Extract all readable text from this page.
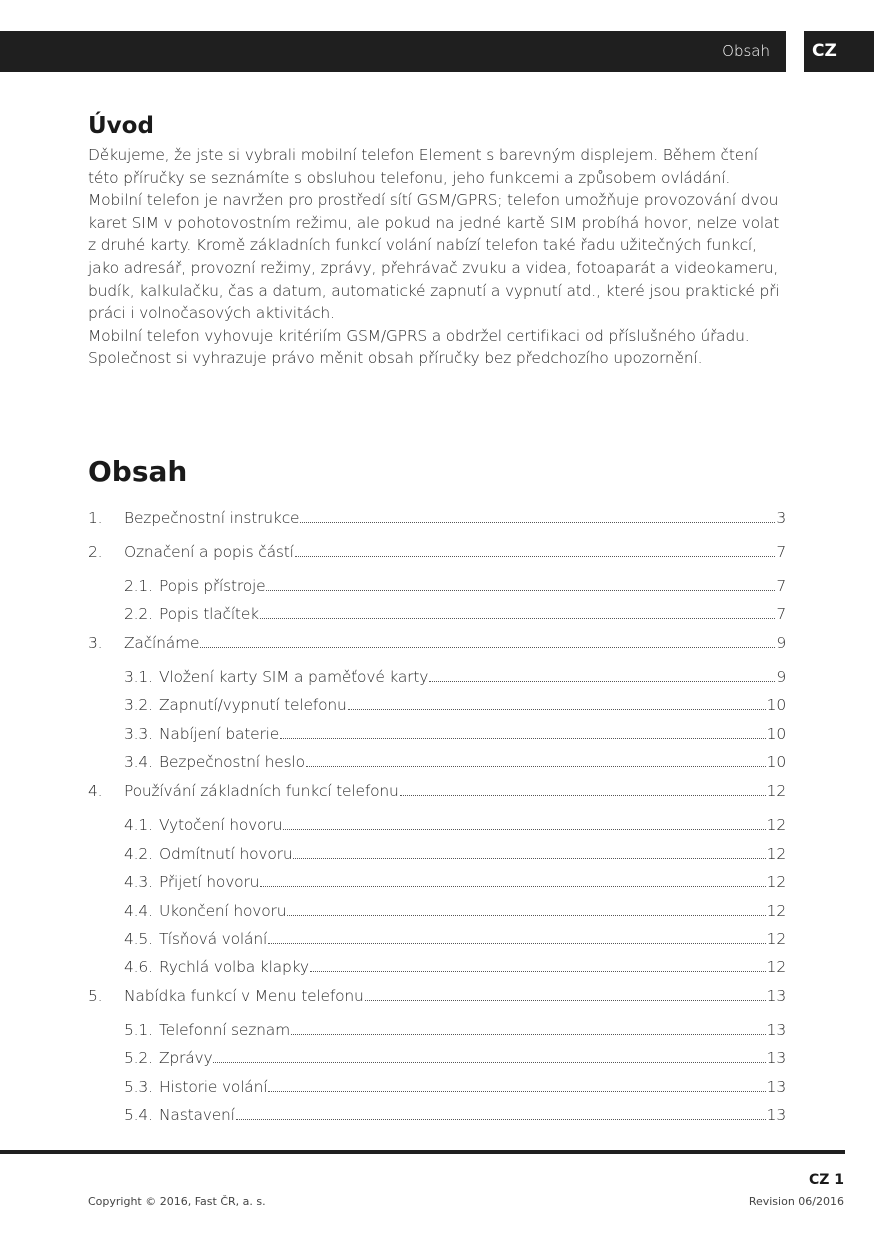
Obsah	CZ
Úvod

Děkujeme, že jste si vybrali mobilní telefon Element s barevným displejem. Během čtení této příručky se seznámíte s obsluhou telefonu, jeho funkcemi a způsobem ovládání.

Mobilní telefon je navržen pro prostředí sítí GSM/GPRS; telefon umožňuje provozování dvou karet SIM v pohotovostním režimu, ale pokud na jedné kartě SIM probíhá hovor, nelze volat z druhé karty. Kromě základních funkcí volání nabízí telefon také řadu užitečných funkcí, jako adresář, provozní režimy, zprávy, přehrávač zvuku a videa, fotoaparát a videokameru, budík, kalkulačku, čas a datum, automatické zapnutí a vypnutí atd., které jsou praktické při práci i volnočasových aktivitách.

Mobilní telefon vyhovuje kritériím GSM/GPRS a obdržel certifikaci od příslušného úřadu.

Společnost si vyhrazuje právo měnit obsah příručky bez předchozího upozornění.

Obsah
1.	Bezpečnostní instrukce	3
2.	Označení a popis částí	7
2.1. Popis přístroje	7
2.2. Popis tlačítek	7
3.	Začínáme	9
3.1. Vložení karty SIM a paměťové karty	9
3.2. Zapnutí/vypnutí telefonu	10
3.3. Nabíjení baterie	10
3.4. Bezpečnostní heslo	10
4.	Používání základních funkcí telefonu	12
4.1. Vytočení hovoru	12
4.2. Odmítnutí hovoru	12
4.3. Přijetí hovoru	12
4.4. Ukončení hovoru	12
4.5. Tísňová volání	12
4.6. Rychlá volba klapky	12
5.	Nabídka funkcí v Menu telefonu	13
5.1. Telefonní seznam	13
5.2. Zprávy	13
5.3. Historie volání	13
5.4. Nastavení	13
CZ 1
Copyright © 2016, Fast ČR, a. s.	Revision 06/2016
